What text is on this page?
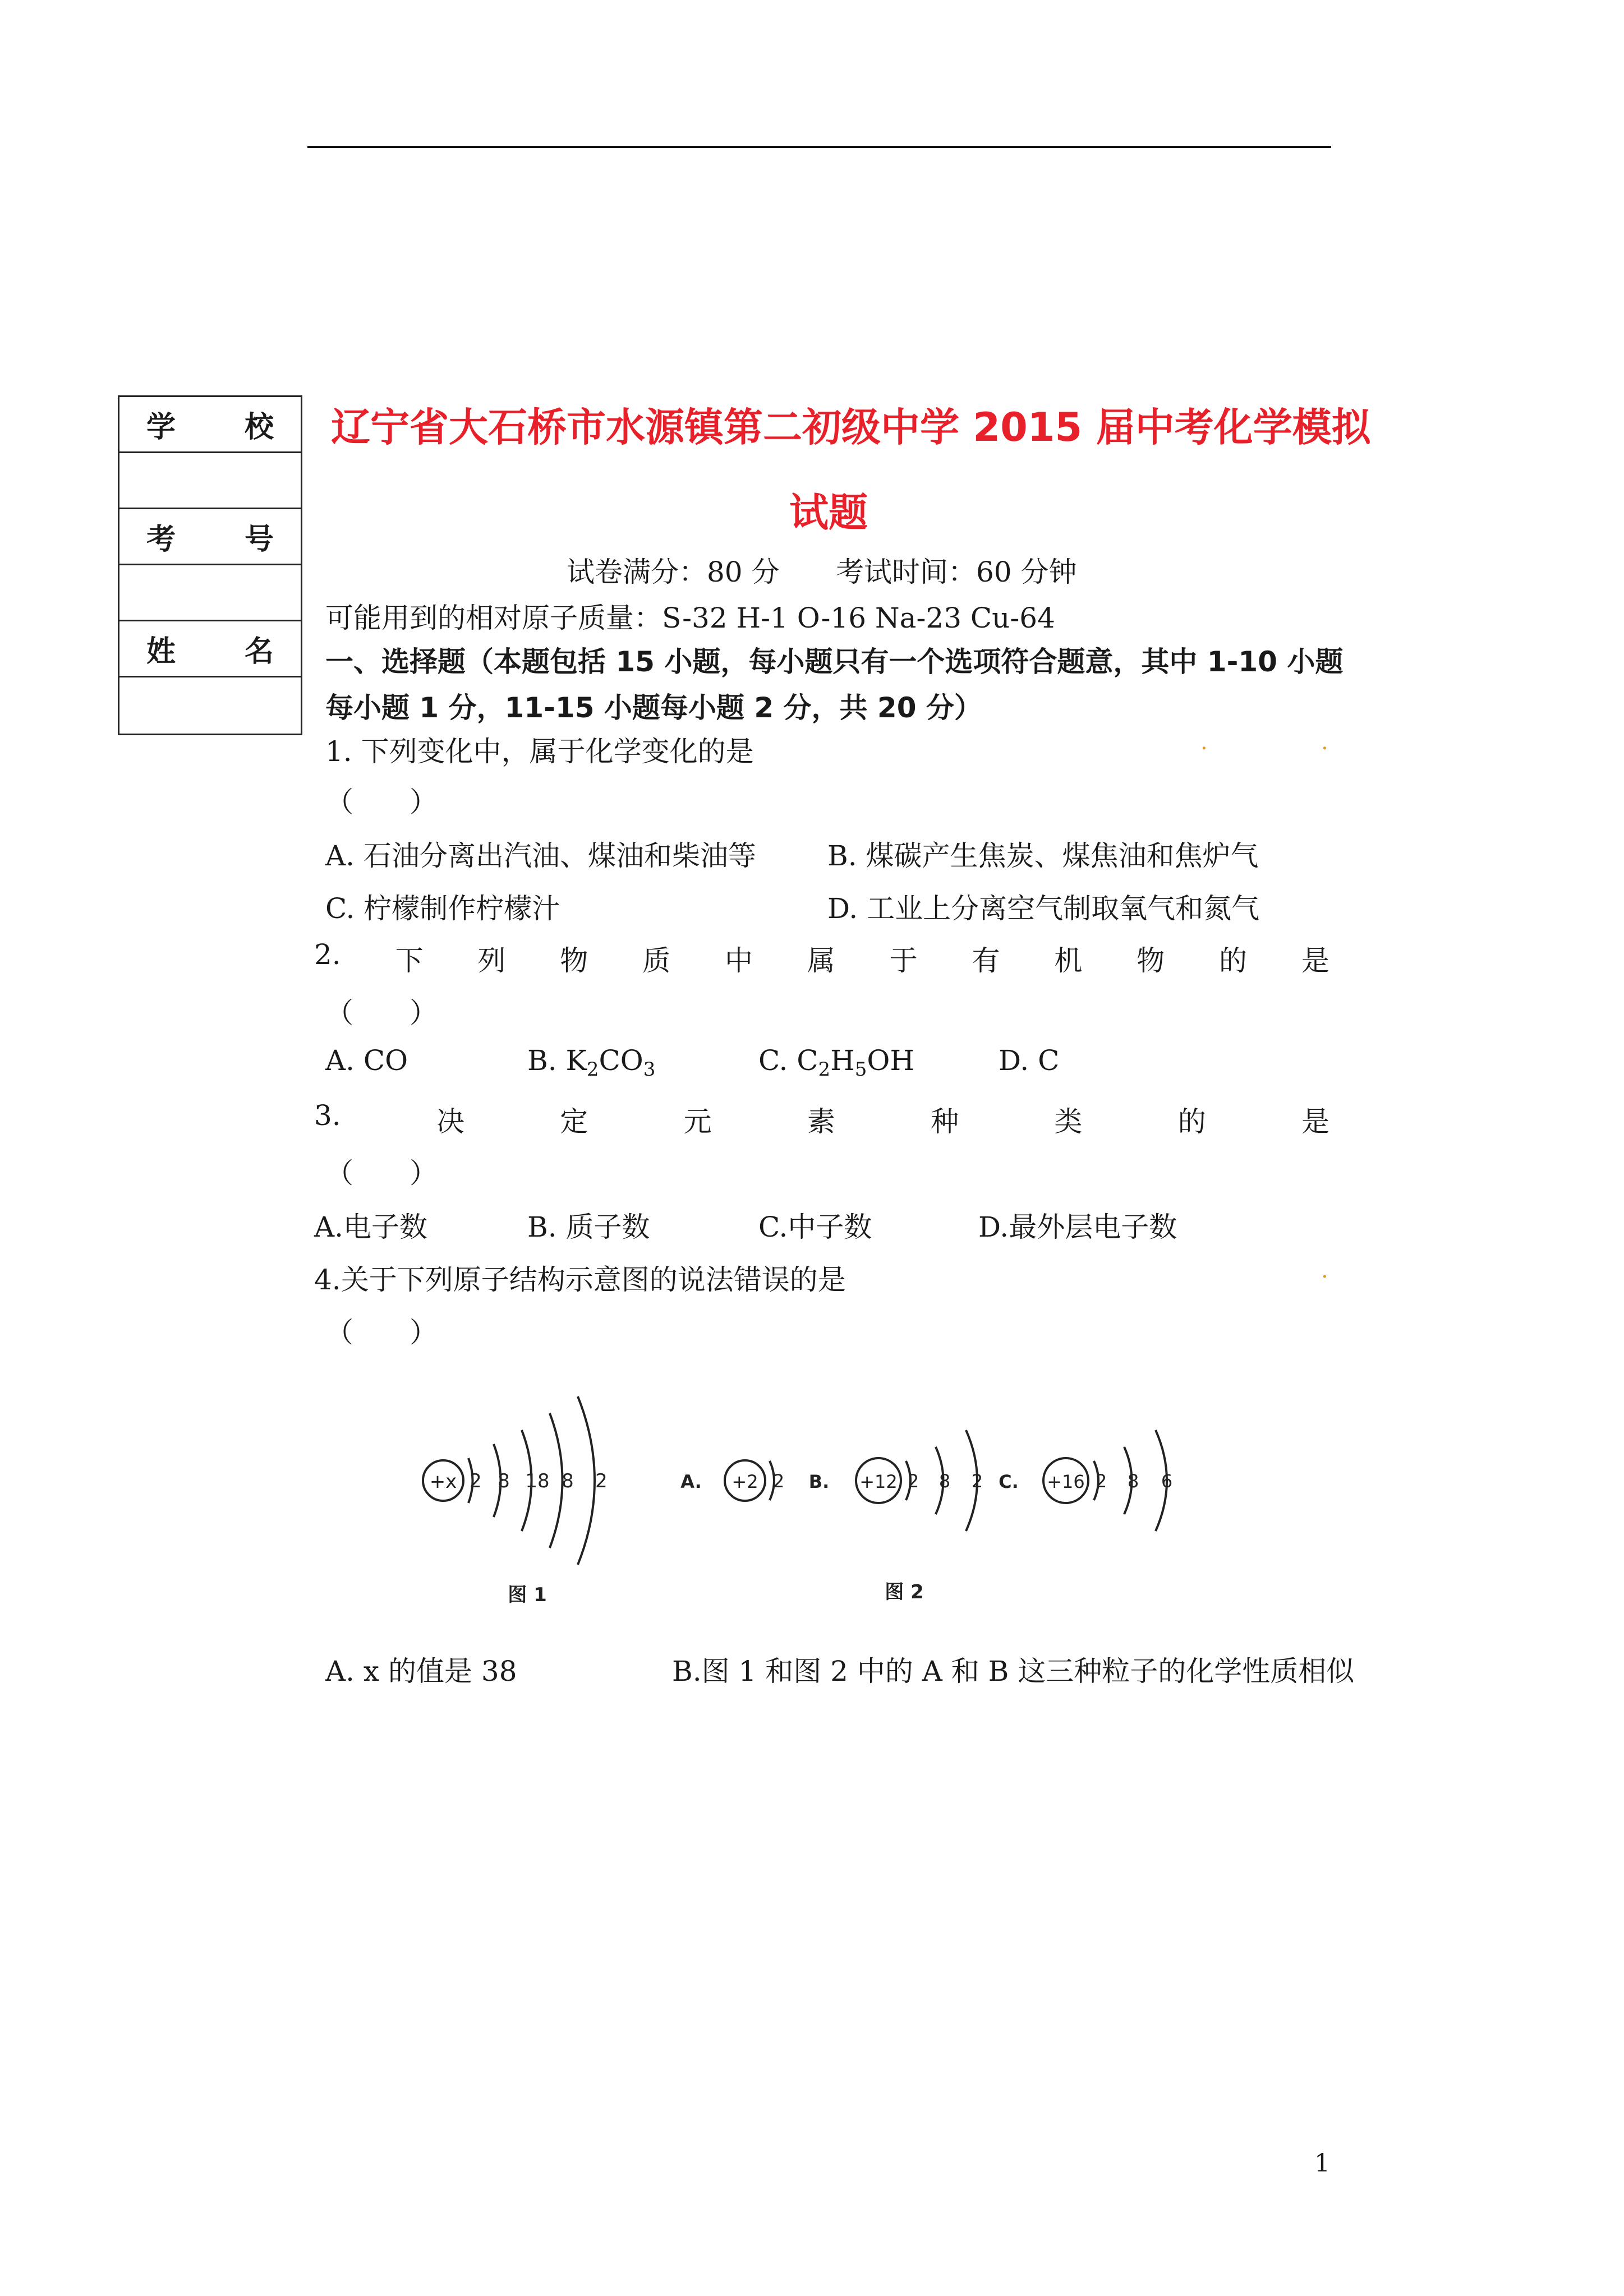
学 校
考 号
姓 名
辽宁省大石桥市水源镇第二初级中学 2015 届中考化学模拟
试题
试卷满分：80 分 考试时间：60 分钟
可能用到的相对原子质量：S-32 H-1 O-16 Na-23 Cu-64
一、选择题（本题包括 15 小题，每小题只有一个选项符合题意，其中 1-10 小题
每小题 1 分，11-15 小题每小题 2 分，共 20 分）
1. 下列变化中，属于化学变化的是	.	.
（　　）
A. 石油分离出汽油、煤油和柴油等	B. 煤碳产生焦炭、煤焦油和焦炉气
C. 柠檬制作柠檬汁	D. 工业上分离空气制取氧气和氮气
2. 下 列 物 质 中 属 于 有 机 物 的 是
（　　）
A. CO	B. $K_2CO_3$	C. $C_2H_5OH$	D. C
3.	决	定	元	素	种	类	的	是
（　　）
A.电子数	B. 质子数	C.中子数	D.最外层电子数
4.关于下列原子结构示意图的说法错误的是	.
（　　）
+x 2 8 18 8 2
图 1
A. +2 2 B. +12 2 8 2 C. +16 2 8 6
图 2
A. x 的值是 38	B.图 1 和图 2 中的 A 和 B 这三种粒子的化学性质相似
1
